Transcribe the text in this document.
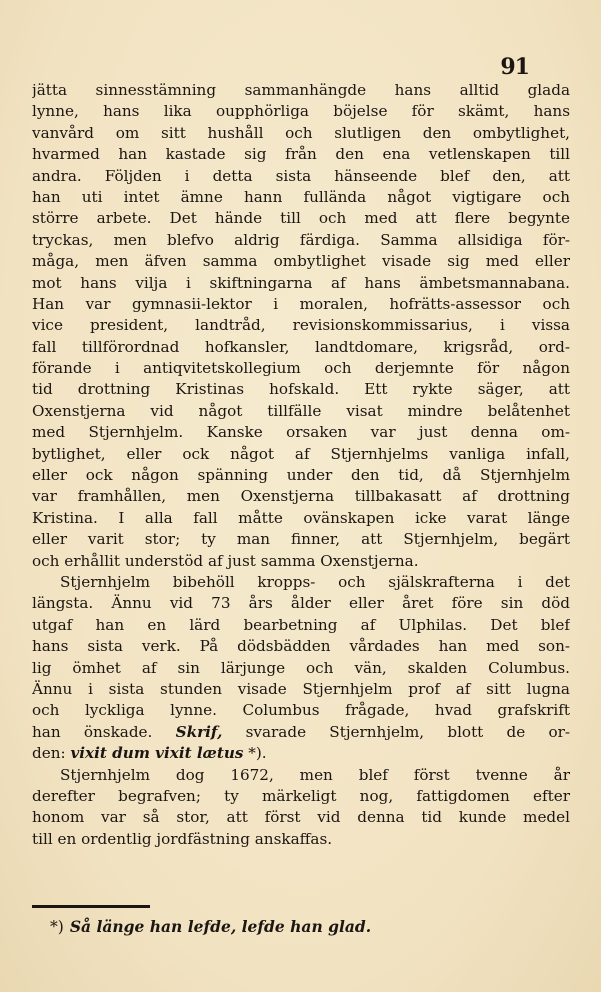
91
jätta sinnesstämning sammanhängde hans alltid glada
lynne, hans lika oupphörliga böjelse för skämt, hans
vanvård om sitt hushåll och slutligen den ombytlighet,
hvarmed han kastade sig från den ena vetlenskapen till
andra. Följden i detta sista hänseende blef den, att
han uti intet ämne hann fullända något vigtigare och
större arbete. Det hände till och med att flere begynte
tryckas, men blefvo aldrig färdiga. Samma allsidiga för-
måga, men äfven samma ombytlighet visade sig med eller
mot hans vilja i skiftningarna af hans ämbetsmannabana.
Han var gymnasii-lektor i moralen, hofrätts-assessor och
vice president, landtråd, revisionskommissarius, i vissa
fall tillförordnad hofkansler, landtdomare, krigsråd, ord-
förande i antiqvitetskollegium och derjemnte för någon
tid drottning Kristinas hofskald. Ett rykte säger, att
Oxenstjerna vid något tillfälle visat mindre belåtenhet
med Stjernhjelm. Kanske orsaken var just denna om-
bytlighet, eller ock något af Stjernhjelms vanliga infall,
eller ock någon spänning under den tid, då Stjernhjelm
var framhållen, men Oxenstjerna tillbakasatt af drottning
Kristina. I alla fall måtte ovänskapen icke varat länge
eller varit stor; ty man finner, att Stjernhjelm, begärt
och erhållit understöd af just samma Oxenstjerna.
Stjernhjelm bibehöll kropps- och själskrafterna i det
längsta. Ännu vid 73 års ålder eller året före sin död
utgaf han en lärd bearbetning af Ulphilas. Det blef
hans sista verk. På dödsbädden vårdades han med son-
lig ömhet af sin lärjunge och vän, skalden Columbus.
Ännu i sista stunden visade Stjernhjelm prof af sitt lugna
och lyckliga lynne. Columbus frågade, hvad grafskrift
han önskade. Skrif, svarade Stjernhjelm, blott de or-
den: vixit dum vixit lætus *).
Stjernhjelm dog 1672, men blef först tvenne år
derefter begrafven; ty märkeligt nog, fattigdomen efter
honom var så stor, att först vid denna tid kunde medel
till en ordentlig jordfästning anskaffas.
*) Så länge han lefde, lefde han glad.
